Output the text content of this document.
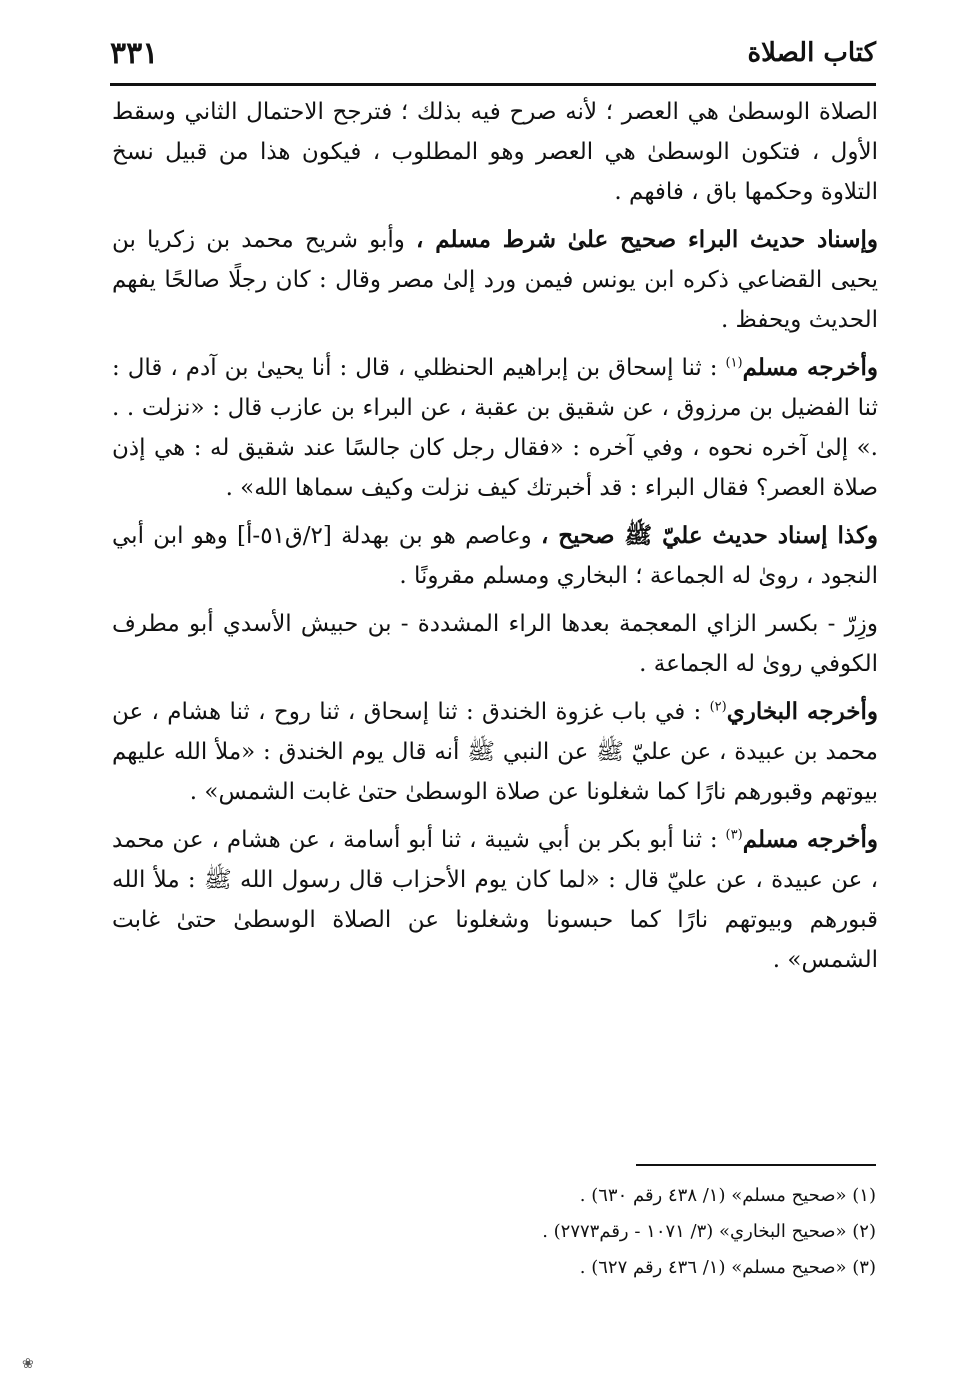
كتاب الصلاة
٣٣١

الصلاة الوسطىٰ هي العصر ؛ لأنه صرح فيه بذلك ؛ فترجح الاحتمال الثاني وسقط الأول ، فتكون الوسطىٰ هي العصر وهو المطلوب ، فيكون هذا من قبيل نسخ التلاوة وحكمها باق ، فافهم .

وإسناد حديث البراء صحيح علىٰ شرط مسلم ، وأبو شريح محمد بن زكريا بن يحيى القضاعي ذكره ابن يونس فيمن ورد إلىٰ مصر وقال : كان رجلًا صالحًا يفهم الحديث ويحفظ .

وأخرجه مسلم$^{(١)}$ : ثنا إسحاق بن إبراهيم الحنظلي ، قال : أنا يحيىٰ بن آدم ، قال : ثنا الفضيل بن مرزوق ، عن شقيق بن عقبة ، عن البراء بن عازب قال : «نزلت . . .» إلىٰ آخره نحوه ، وفي آخره : «فقال رجل كان جالسًا عند شقيق له : هي إذن صلاة العصر؟ فقال البراء : قد أخبرتك كيف نزلت وكيف سماها الله» .

وكذا إسناد حديث عليّ ﷺ صحيح ، وعاصم هو بن بهدلة [٢/ق٥١-أ] وهو ابن أبي النجود ، روىٰ له الجماعة ؛ البخاري ومسلم مقرونًا .

وزِرّ - بكسر الزاي المعجمة بعدها الراء المشددة - بن حبيش الأسدي أبو مطرف الكوفي روىٰ له الجماعة .

وأخرجه البخاري$^{(٢)}$ : في باب غزوة الخندق : ثنا إسحاق ، ثنا روح ، ثنا هشام ، عن محمد بن عبيدة ، عن عليّ ﷺ عن النبي ﷺ أنه قال يوم الخندق : «ملأ الله عليهم بيوتهم وقبورهم نارًا كما شغلونا عن صلاة الوسطىٰ حتىٰ غابت الشمس» .

وأخرجه مسلم$^{(٣)}$ : ثنا أبو بكر بن أبي شيبة ، ثنا أبو أسامة ، عن هشام ، عن محمد ، عن عبيدة ، عن عليّ قال : «لما كان يوم الأحزاب قال رسول الله ﷺ : ملأ الله قبورهم وبيوتهم نارًا كما حبسونا وشغلونا عن الصلاة الوسطىٰ حتىٰ غابت الشمس» .

(١) «صحيح مسلم» (١/ ٤٣٨ رقم ٦٣٠) .
(٢) «صحيح البخاري» (٣/ ١٠٧١ - رقم٢٧٧٣) .
(٣) «صحيح مسلم» (١/ ٤٣٦ رقم ٦٢٧) .
❀
